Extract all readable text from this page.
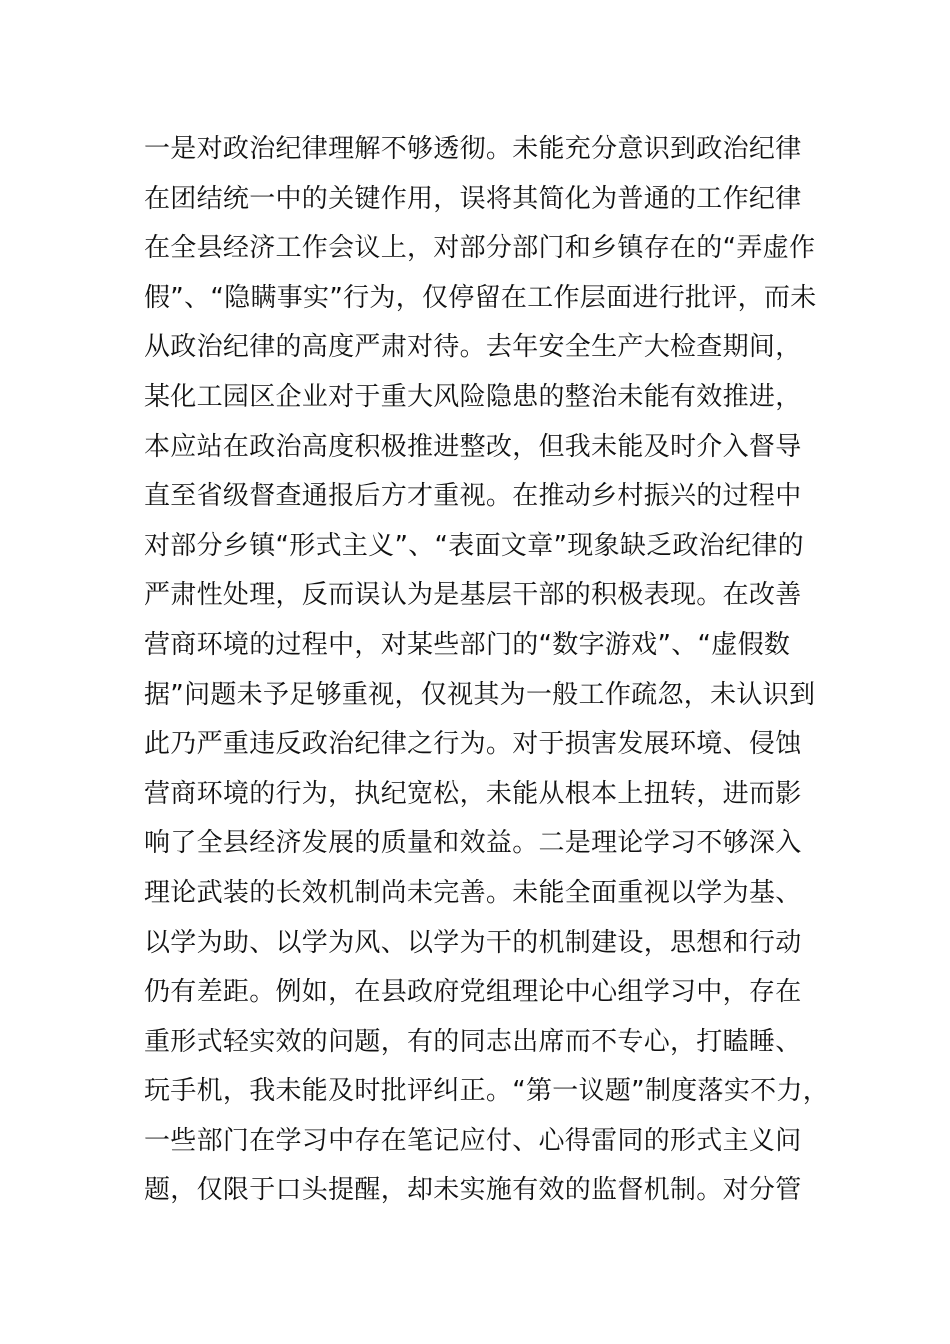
一是对政治纪律理解不够透彻。未能充分意识到政治纪律
在团结统一中的关键作用，误将其简化为普通的工作纪律
在全县经济工作会议上，对部分部门和乡镇存在的“弄虚作
假”、“隐瞒事实”行为，仅停留在工作层面进行批评，而未
从政治纪律的高度严肃对待。去年安全生产大检查期间，
某化工园区企业对于重大风险隐患的整治未能有效推进，
本应站在政治高度积极推进整改，但我未能及时介入督导
直至省级督查通报后方才重视。在推动乡村振兴的过程中
对部分乡镇“形式主义”、“表面文章”现象缺乏政治纪律的
严肃性处理，反而误认为是基层干部的积极表现。在改善
营商环境的过程中，对某些部门的“数字游戏”、“虚假数
据”问题未予足够重视，仅视其为一般工作疏忽，未认识到
此乃严重违反政治纪律之行为。对于损害发展环境、侵蚀
营商环境的行为，执纪宽松，未能从根本上扭转，进而影
响了全县经济发展的质量和效益。二是理论学习不够深入
理论武装的长效机制尚未完善。未能全面重视以学为基、
以学为助、以学为风、以学为干的机制建设，思想和行动
仍有差距。例如，在县政府党组理论中心组学习中，存在
重形式轻实效的问题，有的同志出席而不专心，打瞌睡、
玩手机，我未能及时批评纠正。“第一议题”制度落实不力，
一些部门在学习中存在笔记应付、心得雷同的形式主义问
题，仅限于口头提醒，却未实施有效的监督机制。对分管
